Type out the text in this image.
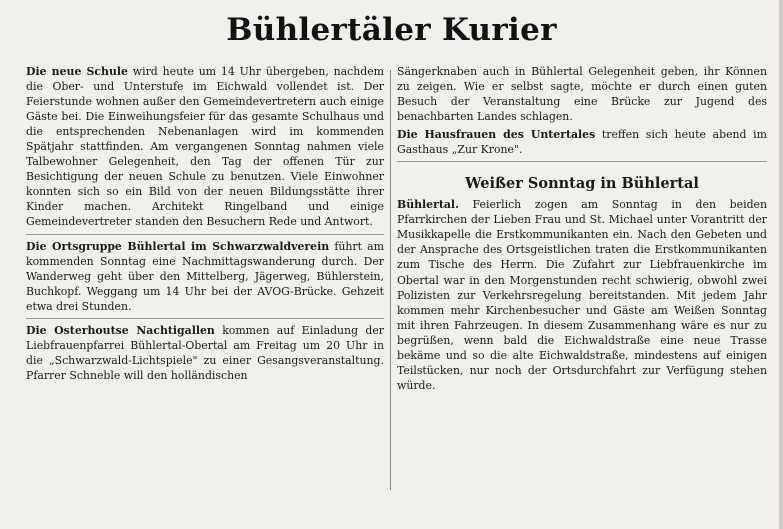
Bühlertäler Kurier

Die neue Schule wird heute um 14 Uhr übergeben, nachdem die Ober- und Unterstufe im Eichwald vollendet ist. Der Feierstunde wohnen außer den Gemeindevertretern auch einige Gäste bei. Die Einweihungsfeier für das gesamte Schulhaus und die entsprechenden Nebenanlagen wird im kommenden Spätjahr stattfinden. Am vergangenen Sonntag nahmen viele Talbewohner Gelegenheit, den Tag der offenen Tür zur Besichtigung der neuen Schule zu benutzen. Viele Einwohner konnten sich so ein Bild von der neuen Bildungsstätte ihrer Kinder machen. Architekt Ringelband und einige Gemeindevertreter standen den Besuchern Rede und Antwort.

Die Ortsgruppe Bühlertal im Schwarzwaldverein führt am kommenden Sonntag eine Nachmittagswanderung durch. Der Wanderweg geht über den Mittelberg, Jägerweg, Bühlerstein, Buchkopf. Weggang um 14 Uhr bei der AVOG-Brücke. Gehzeit etwa drei Stunden.

Die Osterhoutse Nachtigallen kommen auf Einladung der Liebfrauenpfarrei Bühlertal-Obertal am Freitag um 20 Uhr in die „Schwarzwald-Lichtspiele" zu einer Gesangsveranstaltung. Pfarrer Schneble will den holländischen

Sängerknaben auch in Bühlertal Gelegenheit geben, ihr Können zu zeigen. Wie er selbst sagte, möchte er durch einen guten Besuch der Veranstaltung eine Brücke zur Jugend des benachbarten Landes schlagen.

Die Hausfrauen des Untertales treffen sich heute abend im Gasthaus „Zur Krone".

Weißer Sonntag in Bühlertal

Bühlertal. Feierlich zogen am Sonntag in den beiden Pfarrkirchen der Lieben Frau und St. Michael unter Vorantritt der Musikkapelle die Erstkommunikanten ein. Nach den Gebeten und der Ansprache des Ortsgeistlichen traten die Erstkommunikanten zum Tische des Herrn. Die Zufahrt zur Liebfrauenkirche im Obertal war in den Morgenstunden recht schwierig, obwohl zwei Polizisten zur Verkehrsregelung bereitstanden. Mit jedem Jahr kommen mehr Kirchenbesucher und Gäste am Weißen Sonntag mit ihren Fahrzeugen. In diesem Zusammenhang wäre es nur zu begrüßen, wenn bald die Eichwaldstraße eine neue Trasse bekäme und so die alte Eichwaldstraße, mindestens auf einigen Teilstücken, nur noch der Ortsdurchfahrt zur Verfügung stehen würde.
